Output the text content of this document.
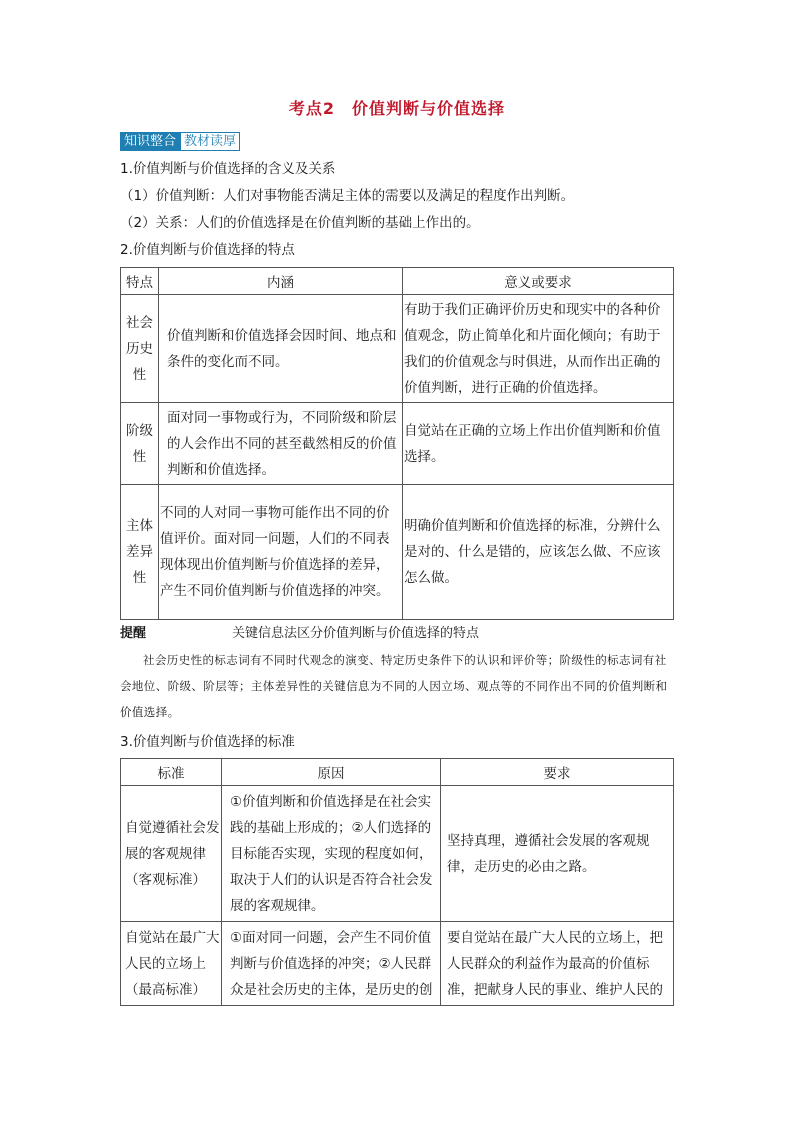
考点2　价值判断与价值选择
知识整合 教材读厚
1.价值判断与价值选择的含义及关系
（1）价值判断：人们对事物能否满足主体的需要以及满足的程度作出判断。
（2）关系：人们的价值选择是在价值判断的基础上作出的。
2.价值判断与价值选择的特点
特点	内涵	意义或要求
社会历史性	价值判断和价值选择会因时间、地点和条件的变化而不同。	有助于我们正确评价历史和现实中的各种价值观念，防止简单化和片面化倾向；有助于我们的价值观念与时俱进，从而作出正确的价值判断，进行正确的价值选择。
阶级性	面对同一事物或行为，不同阶级和阶层的人会作出不同的甚至截然相反的价值判断和价值选择。	自觉站在正确的立场上作出价值判断和价值选择。
主体差异性	不同的人对同一事物可能作出不同的价值评价。面对同一问题，人们的不同表现体现出价值判断与价值选择的差异，产生不同价值判断与价值选择的冲突。	明确价值判断和价值选择的标准，分辨什么是对的、什么是错的，应该怎么做、不应该怎么做。
提醒	关键信息法区分价值判断与价值选择的特点
社会历史性的标志词有不同时代观念的演变、特定历史条件下的认识和评价等；阶级性的标志词有社会地位、阶级、阶层等；主体差异性的关键信息为不同的人因立场、观点等的不同作出不同的价值判断和价值选择。
3.价值判断与价值选择的标准
标准	原因	要求
自觉遵循社会发展的客观规律（客观标准）	①价值判断和价值选择是在社会实践的基础上形成的；②人们选择的目标能否实现，实现的程度如何，取决于人们的认识是否符合社会发展的客观规律。	坚持真理，遵循社会发展的客观规律，走历史的必由之路。
自觉站在最广大人民的立场上（最高标准）	①面对同一问题，会产生不同价值判断与价值选择的冲突；②人民群众是社会历史的主体，是历史的创	要自觉站在最广大人民的立场上，把人民群众的利益作为最高的价值标准，把献身人民的事业、维护人民的
